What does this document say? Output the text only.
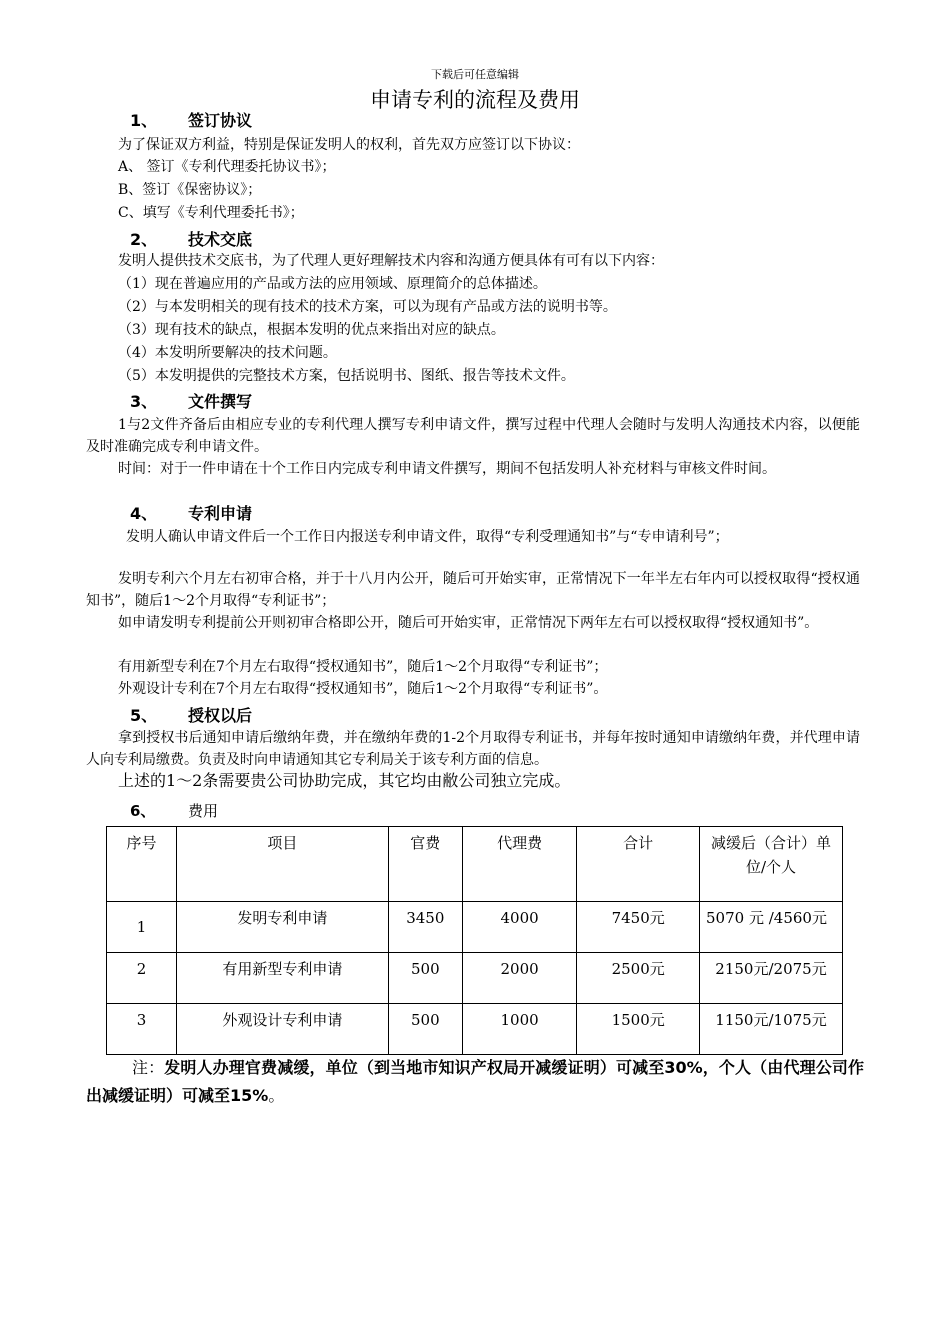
下载后可任意编辑
申请专利的流程及费用
1、 签订协议
为了保证双方利益，特别是保证发明人的权利，首先双方应签订以下协议：
A、 签订《专利代理委托协议书》；
B、签订《保密协议》；
C、填写《专利代理委托书》；
2、 技术交底
发明人提供技术交底书，为了代理人更好理解技术内容和沟通方便具体有可有以下内容：
（1）现在普遍应用的产品或方法的应用领域、原理简介的总体描述。
（2）与本发明相关的现有技术的技术方案，可以为现有产品或方法的说明书等。
（3）现有技术的缺点，根据本发明的优点来指出对应的缺点。
（4）本发明所要解决的技术问题。
（5）本发明提供的完整技术方案，包括说明书、图纸、报告等技术文件。
3、 文件撰写
1与2文件齐备后由相应专业的专利代理人撰写专利申请文件，撰写过程中代理人会随时与发明人沟通技术内容，以便能及时准确完成专利申请文件。
时间：对于一件申请在十个工作日内完成专利申请文件撰写，期间不包括发明人补充材料与审核文件时间。
4、 专利申请
发明人确认申请文件后一个工作日内报送专利申请文件，取得“专利受理通知书”与“专申请利号”；
发明专利六个月左右初审合格，并于十八月内公开，随后可开始实审，正常情况下一年半左右年内可以授权取得“授权通知书”，随后1～2个月取得“专利证书”；
如申请发明专利提前公开则初审合格即公开，随后可开始实审，正常情况下两年左右可以授权取得“授权通知书”。
有用新型专利在7个月左右取得“授权通知书”，随后1～2个月取得“专利证书”；
外观设计专利在7个月左右取得“授权通知书”，随后1～2个月取得“专利证书”。
5、 授权以后
拿到授权书后通知申请后缴纳年费，并在缴纳年费的1-2个月取得专利证书，并每年按时通知申请缴纳年费，并代理申请人向专利局缴费。负责及时向申请通知其它专利局关于该专利方面的信息。
上述的1～2条需要贵公司协助完成，其它均由敝公司独立完成。
6、 费用
序号	项目	官费	代理费	合计	减缓后（合计）单位/个人
1	发明专利申请	3450	4000	7450元	5070 元 /4560元
2	有用新型专利申请	500	2000	2500元	2150元/2075元
3	外观设计专利申请	500	1000	1500元	1150元/1075元
注：发明人办理官费减缓，单位（到当地市知识产权局开减缓证明）可减至30%，个人（由代理公司作出减缓证明）可减至15%。
